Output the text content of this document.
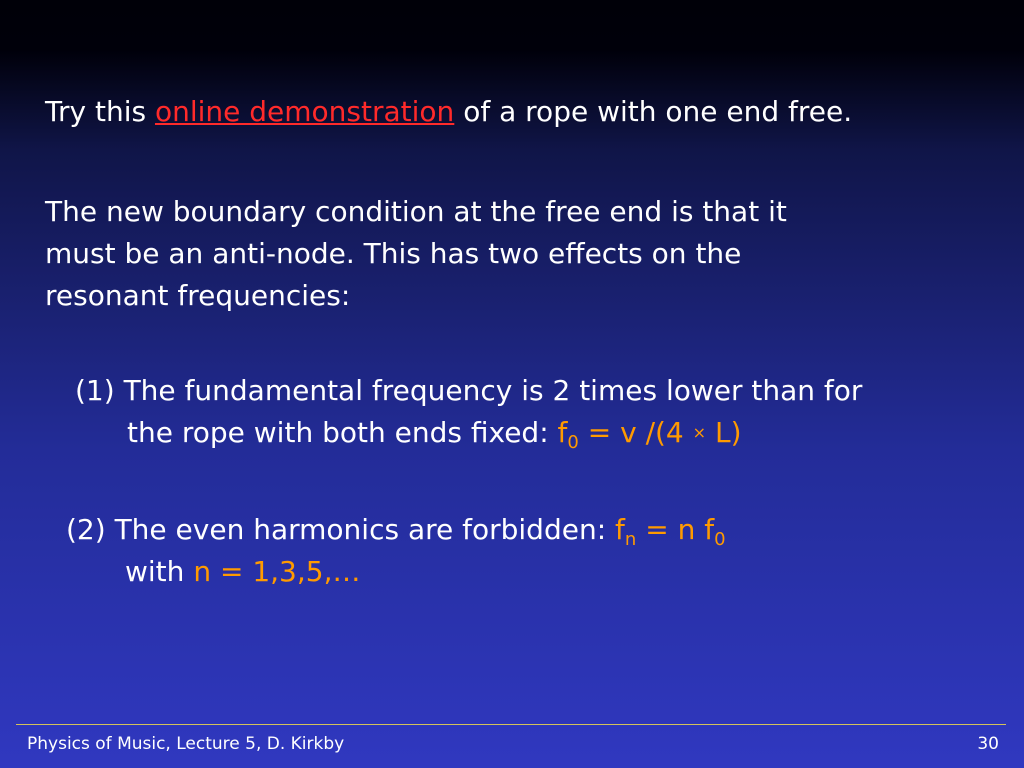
Try this online demonstration of a rope with one end free.
The new boundary condition at the free end is that it
must be an anti-node. This has two effects on the
resonant frequencies:
(1) The fundamental frequency is 2 times lower than for
the rope with both ends fixed: $f_0 = v$ /(4 × L)
(2) The even harmonics are forbidden: $f_n = n$ $f_0$
with n = 1,3,5,…
Physics of Music, Lecture 5, D. Kirkby	30
